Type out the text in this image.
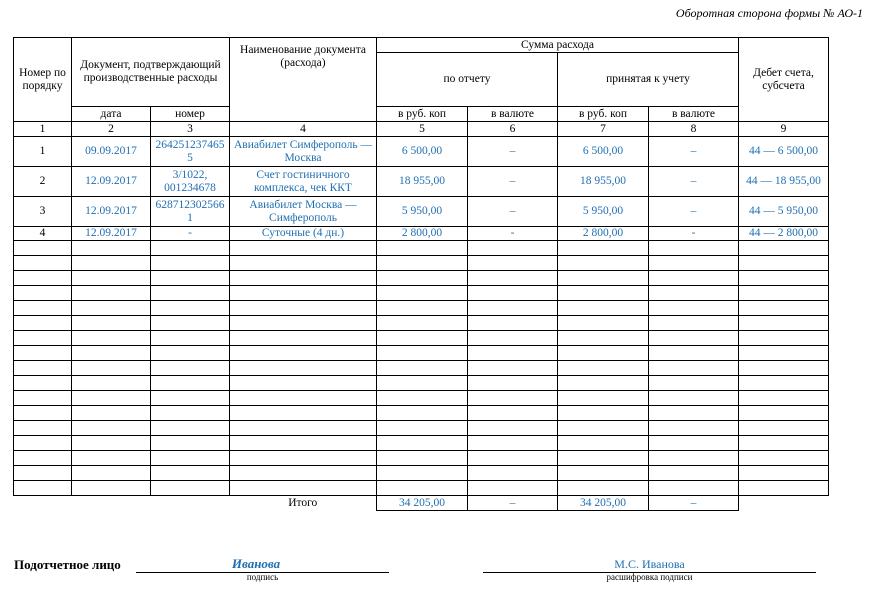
Оборотная сторона формы № АО-1
Номер по порядку	Документ, подтверждающий производственные расходы		Наименование документа (расхода)	Сумма расхода				Дебет счета, субсчета
				по отчету		принятая к учету		
	дата	номер		в руб. коп	в валюте	в руб. коп	в валюте	
1	2	3	4	5	6	7	8	9
1	09.09.2017	264251237465 5	Авиабилет Симферополь — Москва	6 500,00	–	6 500,00	–	44 — 6 500,00
2	12.09.2017	3/1022, 001234678	Счет гостиничного комплекса, чек ККТ	18 955,00	–	18 955,00	–	44 — 18 955,00
3	12.09.2017	628712302566 1	Авиабилет Москва — Симферополь	5 950,00	–	5 950,00	–	44 — 5 950,00
4	12.09.2017	-	Суточные (4 дн.)	2 800,00	-	2 800,00	-	44 — 2 800,00

			Итого	34 205,00	–	34 205,00	–	
Подотчетное лицо	Иванова
подпись
М.С. Иванова
расшифровка подписи
